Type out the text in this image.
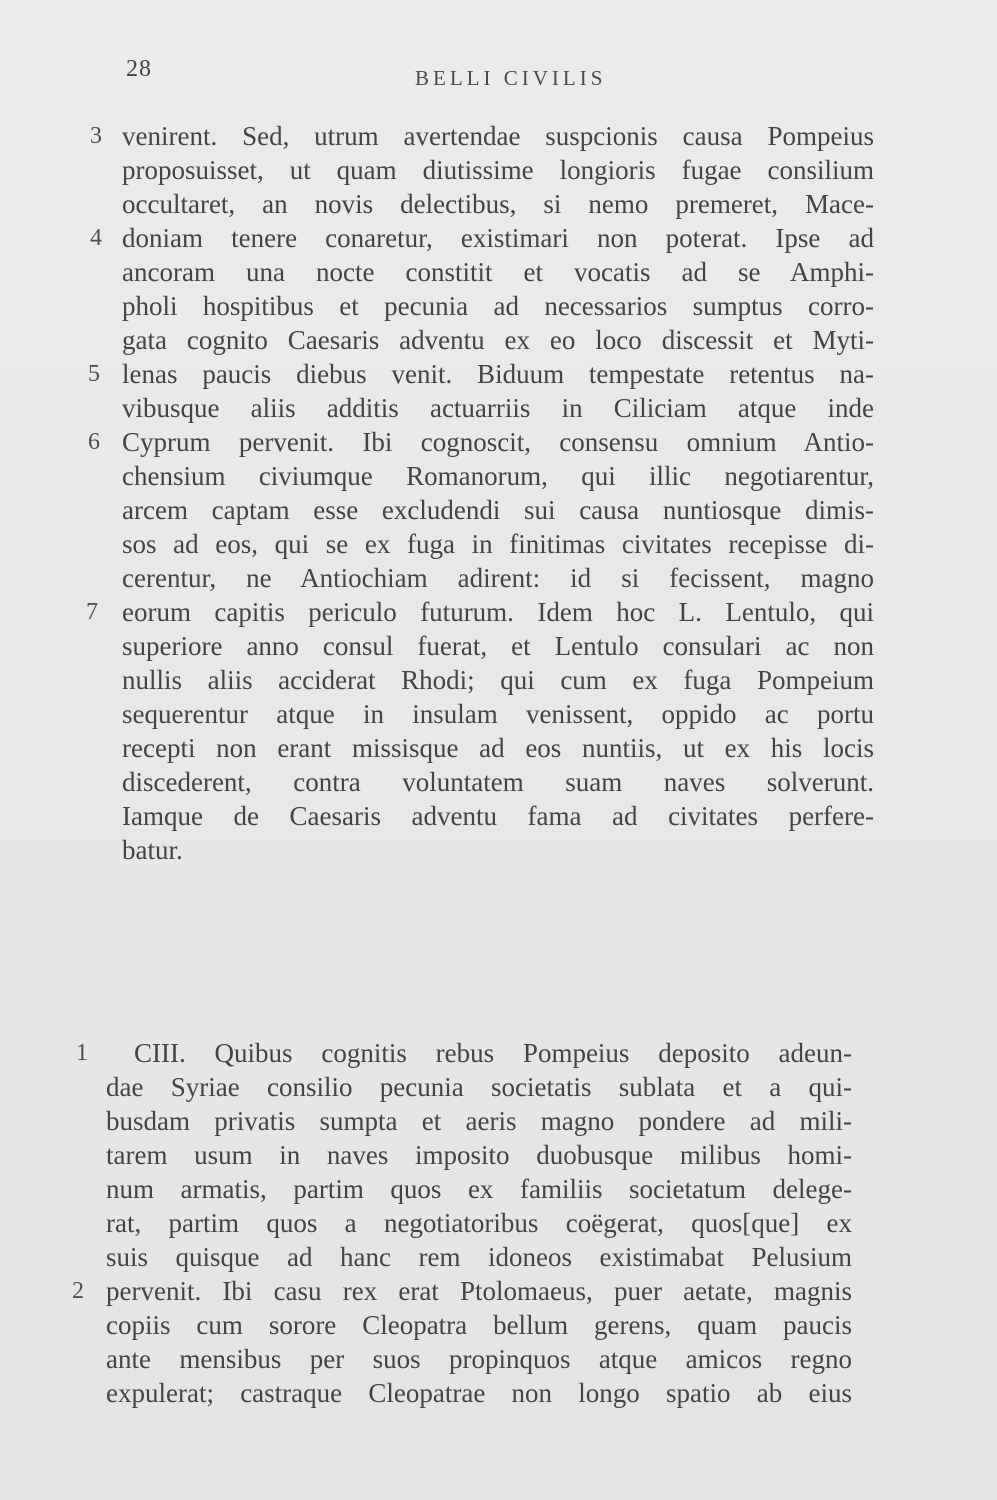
28	BELLI CIVILIS
3
4
5
6
7
venirent. Sed, utrum avertendae suspcionis causa Pompeius
proposuisset, ut quam diutissime longioris fugae consilium
occultaret, an novis delectibus, si nemo premeret, Mace-
doniam tenere conaretur, existimari non poterat. Ipse ad
ancoram una nocte constitit et vocatis ad se Amphi-
pholi hospitibus et pecunia ad necessarios sumptus corro-
gata cognito Caesaris adventu ex eo loco discessit et Myti-
lenas paucis diebus venit. Biduum tempestate retentus na-
vibusque aliis additis actuarriis in Ciliciam atque inde
Cyprum pervenit. Ibi cognoscit, consensu omnium Antio-
chensium civiumque Romanorum, qui illic negotiarentur,
arcem captam esse excludendi sui causa nuntiosque dimis-
sos ad eos, qui se ex fuga in finitimas civitates recepisse di-
cerentur, ne Antiochiam adirent: id si fecissent, magno
eorum capitis periculo futurum. Idem hoc L. Lentulo, qui
superiore anno consul fuerat, et Lentulo consulari ac non
nullis aliis acciderat Rhodi; qui cum ex fuga Pompeium
sequerentur atque in insulam venissent, oppido ac portu
recepti non erant missisque ad eos nuntiis, ut ex his locis
discederent, contra voluntatem suam naves solverunt.
Iamque de Caesaris adventu fama ad civitates perfere-
batur.
1
2
CIII. Quibus cognitis rebus Pompeius deposito adeun-
dae Syriae consilio pecunia societatis sublata et a qui-
busdam privatis sumpta et aeris magno pondere ad mili-
tarem usum in naves imposito duobusque milibus homi-
num armatis, partim quos ex familiis societatum delege-
rat, partim quos a negotiatoribus coëgerat, quos[que] ex
suis quisque ad hanc rem idoneos existimabat Pelusium
pervenit. Ibi casu rex erat Ptolomaeus, puer aetate, magnis
copiis cum sorore Cleopatra bellum gerens, quam paucis
ante mensibus per suos propinquos atque amicos regno
expulerat; castraque Cleopatrae non longo spatio ab eius
